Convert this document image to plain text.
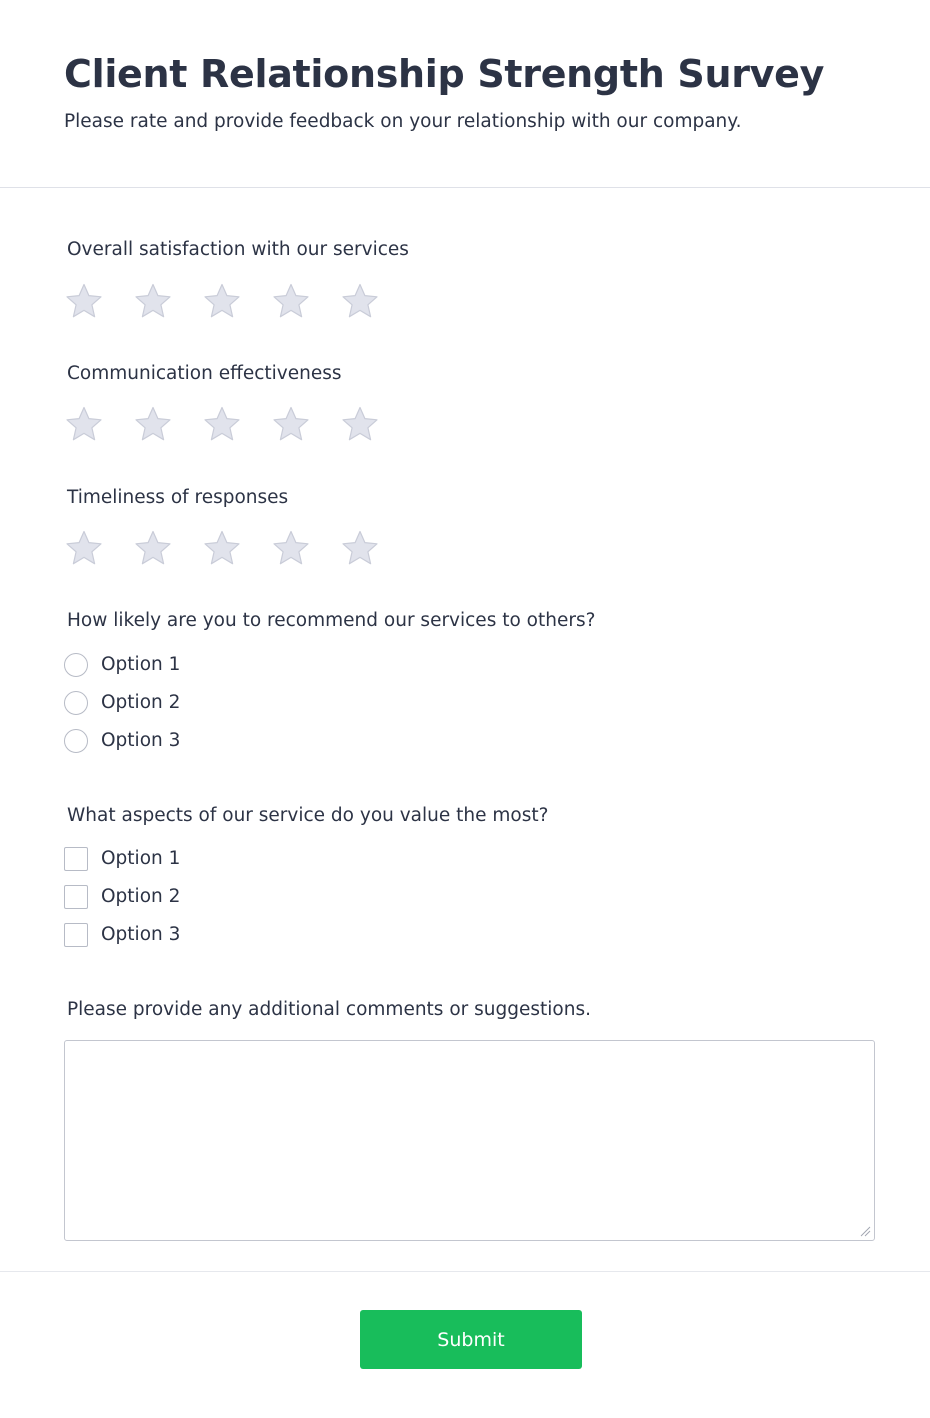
Client Relationship Strength Survey

Please rate and provide feedback on your relationship with our company.

Overall satisfaction with our services

Communication effectiveness

Timeliness of responses

How likely are you to recommend our services to others?

Option 1
Option 2
Option 3

What aspects of our service do you value the most?

Option 1
Option 2
Option 3

Please provide any additional comments or suggestions.

Submit
